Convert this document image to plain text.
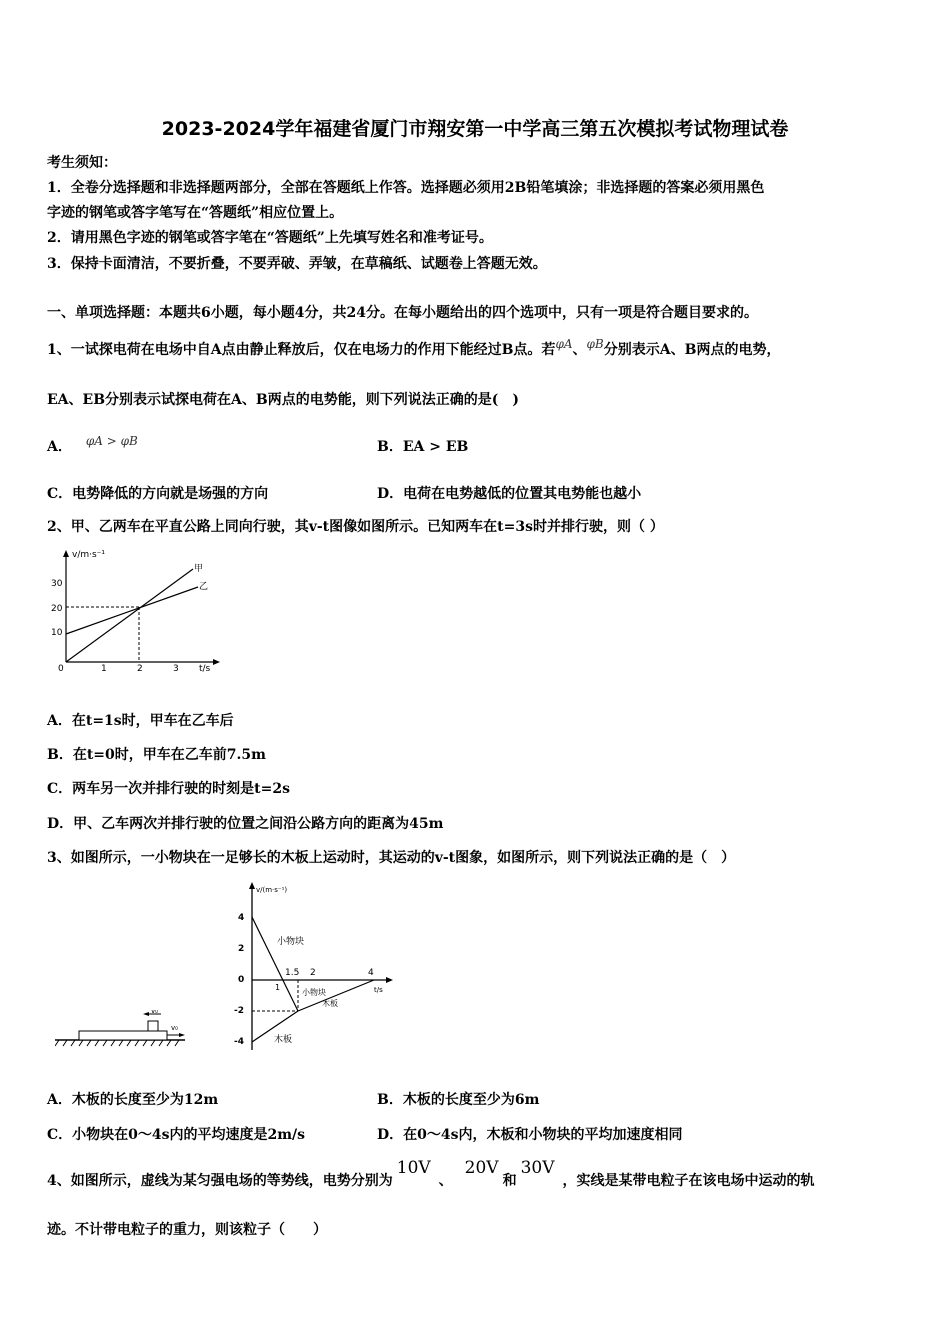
2023-2024学年福建省厦门市翔安第一中学高三第五次模拟考试物理试卷
考生须知：
1．全卷分选择题和非选择题两部分，全部在答题纸上作答。选择题必须用2B铅笔填涂；非选择题的答案必须用黑色
字迹的钢笔或答字笔写在“答题纸”相应位置上。
2．请用黑色字迹的钢笔或答字笔在“答题纸”上先填写姓名和准考证号。
3．保持卡面清洁，不要折叠，不要弄破、弄皱，在草稿纸、试题卷上答题无效。
一、单项选择题：本题共6小题，每小题4分，共24分。在每小题给出的四个选项中，只有一项是符合题目要求的。
1、一试探电荷在电场中自A点由静止释放后，仅在电场力的作用下能经过B点。若φA、φB分别表示A、B两点的电势，
EA、EB分别表示试探电荷在A、B两点的电势能，则下列说法正确的是(　)
A． φA > φB	B．EA > EB
C．电势降低的方向就是场强的方向	D．电荷在电势越低的位置其电势能也越小
2、甲、乙两车在平直公路上同向行驶，其v-t图像如图所示。已知两车在t=3s时并排行驶，则（ ）
v/m·s⁻¹
t/s
30
20
10
0	1	2	3
甲
乙
A．在t=1s时，甲车在乙车后
B．在t=0时，甲车在乙车前7.5m
C．两车另一次并排行驶的时刻是t=2s
D．甲、乙车两次并排行驶的位置之间沿公路方向的距离为45m
3、如图所示，一小物块在一足够长的木板上运动时，其运动的v-t图象，如图所示，则下列说法正确的是（　）
v₀
v₀
v/(m·s⁻¹)
t/s
4
2
0
-2
-4
1
1.5 2	4
小物块
小物块
木板
木板
A．木板的长度至少为12m	B．木板的长度至少为6m
C．小物块在0～4s内的平均速度是2m/s	D．在0～4s内，木板和小物块的平均加速度相同
4、如图所示，虚线为某匀强电场的等势线，电势分别为10V、20V和30V，实线是某带电粒子在该电场中运动的轨
迹。不计带电粒子的重力，则该粒子（　　）
